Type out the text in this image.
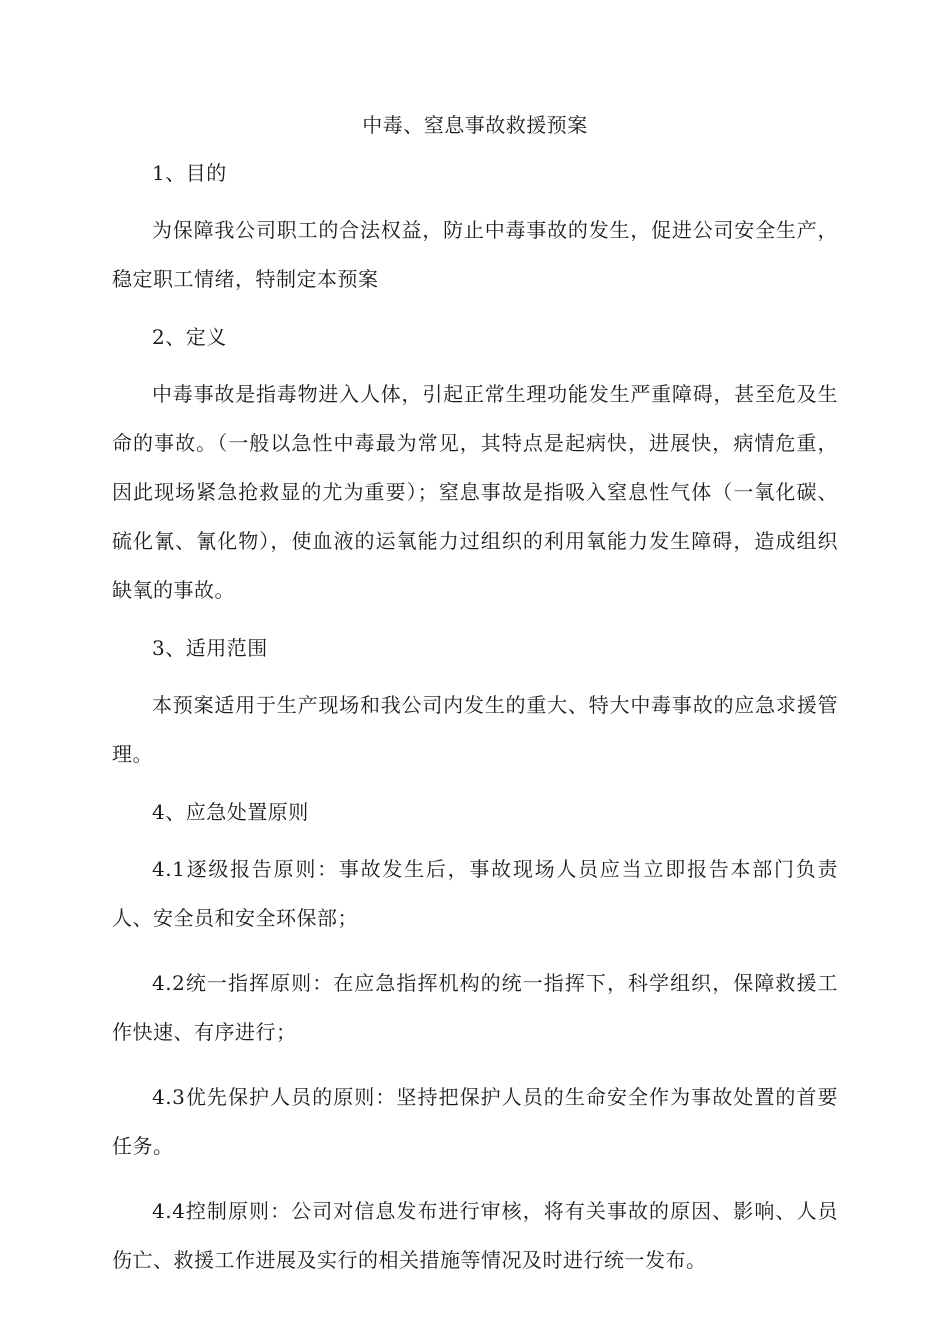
中毒、窒息事故救援预案
1、目的
为保障我公司职工的合法权益，防止中毒事故的发生，促进公司安全生产，稳定职工情绪，特制定本预案
2、定义
中毒事故是指毒物进入人体，引起正常生理功能发生严重障碍，甚至危及生命的事故。（一般以急性中毒最为常见，其特点是起病快，进展快，病情危重，因此现场紧急抢救显的尤为重要）；窒息事故是指吸入窒息性气体（一氧化碳、硫化氰、氰化物），使血液的运氧能力过组织的利用氧能力发生障碍，造成组织缺氧的事故。
3、适用范围
本预案适用于生产现场和我公司内发生的重大、特大中毒事故的应急求援管理。
4、应急处置原则
4.1逐级报告原则：事故发生后，事故现场人员应当立即报告本部门负责人、安全员和安全环保部；
4.2统一指挥原则：在应急指挥机构的统一指挥下，科学组织，保障救援工作快速、有序进行；
4.3优先保护人员的原则：坚持把保护人员的生命安全作为事故处置的首要任务。
4.4控制原则：公司对信息发布进行审核，将有关事故的原因、影响、人员伤亡、救援工作进展及实行的相关措施等情况及时进行统一发布。
